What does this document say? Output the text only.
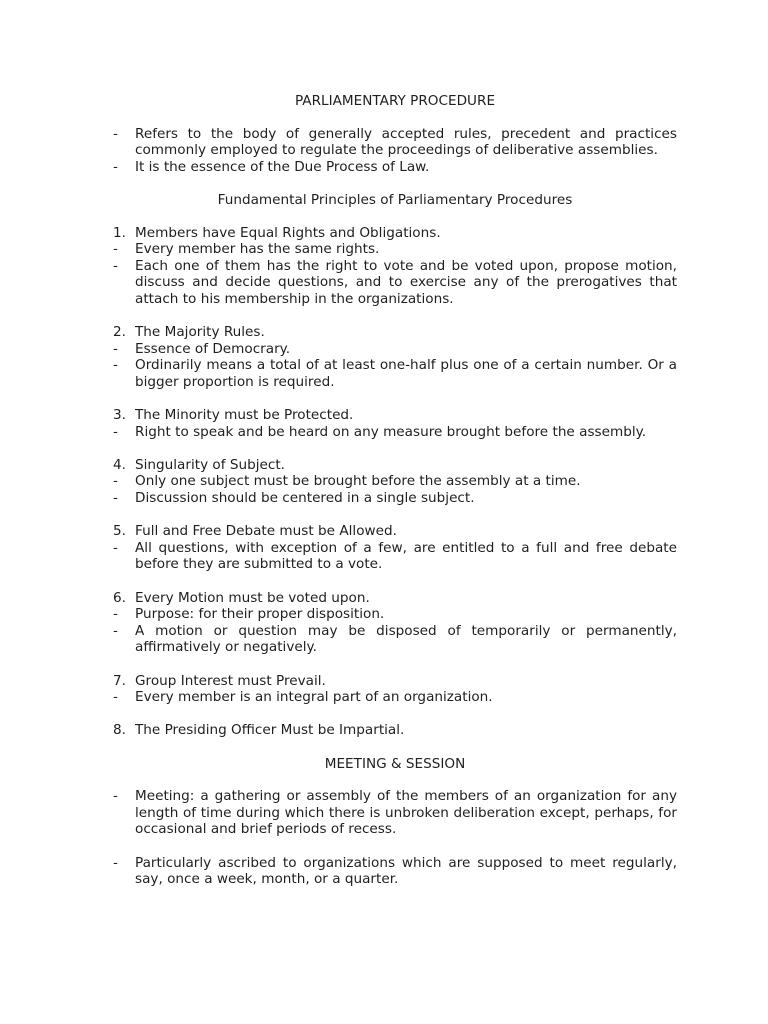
PARLIAMENTARY PROCEDURE
-	Refers to the body of generally accepted rules, precedent and practices commonly employed to regulate the proceedings of deliberative assemblies.
-	It is the essence of the Due Process of Law.
Fundamental Principles of Parliamentary Procedures
1. Members have Equal Rights and Obligations.
-	Every member has the same rights.
-	Each one of them has the right to vote and be voted upon, propose motion, discuss and decide questions, and to exercise any of the prerogatives that attach to his membership in the organizations.
2. The Majority Rules.
-	Essence of Democrary.
-	Ordinarily means a total of at least one-half plus one of a certain number. Or a bigger proportion is required.
3. The Minority must be Protected.
-	Right to speak and be heard on any measure brought before the assembly.
4. Singularity of Subject.
-	Only one subject must be brought before the assembly at a time.
-	Discussion should be centered in a single subject.
5. Full and Free Debate must be Allowed.
-	All questions, with exception of a few, are entitled to a full and free debate before they are submitted to a vote.
6. Every Motion must be voted upon.
-	Purpose: for their proper disposition.
-	A motion or question may be disposed of temporarily or permanently, affirmatively or negatively.
7. Group Interest must Prevail.
-	Every member is an integral part of an organization.
8. The Presiding Officer Must be Impartial.
MEETING & SESSION
-	Meeting: a gathering or assembly of the members of an organization for any length of time during which there is unbroken deliberation except, perhaps, for occasional and brief periods of recess.
-	Particularly ascribed to organizations which are supposed to meet regularly, say, once a week, month, or a quarter.
